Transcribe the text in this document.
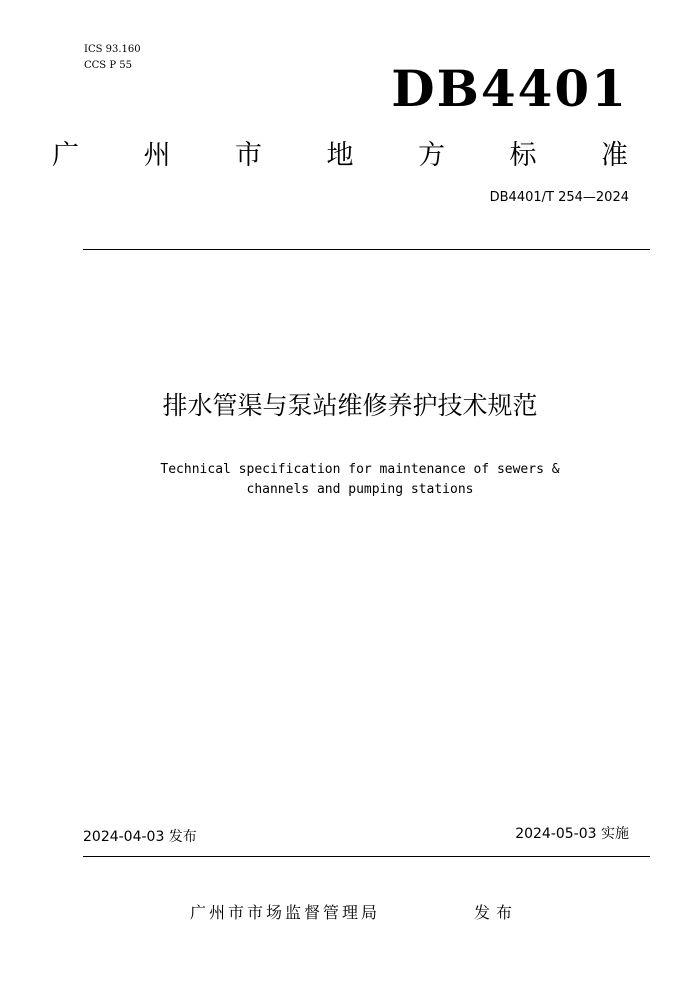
ICS 93.160
CCS P 55	DB4401
广 州 市 地 方 标 准
DB4401/T 254—2024
排水管渠与泵站维修养护技术规范
Technical specification for maintenance of sewers &
channels and pumping stations
2024-04-03 发布	2024-05-03 实施
广州市市场监督管理局	发布
